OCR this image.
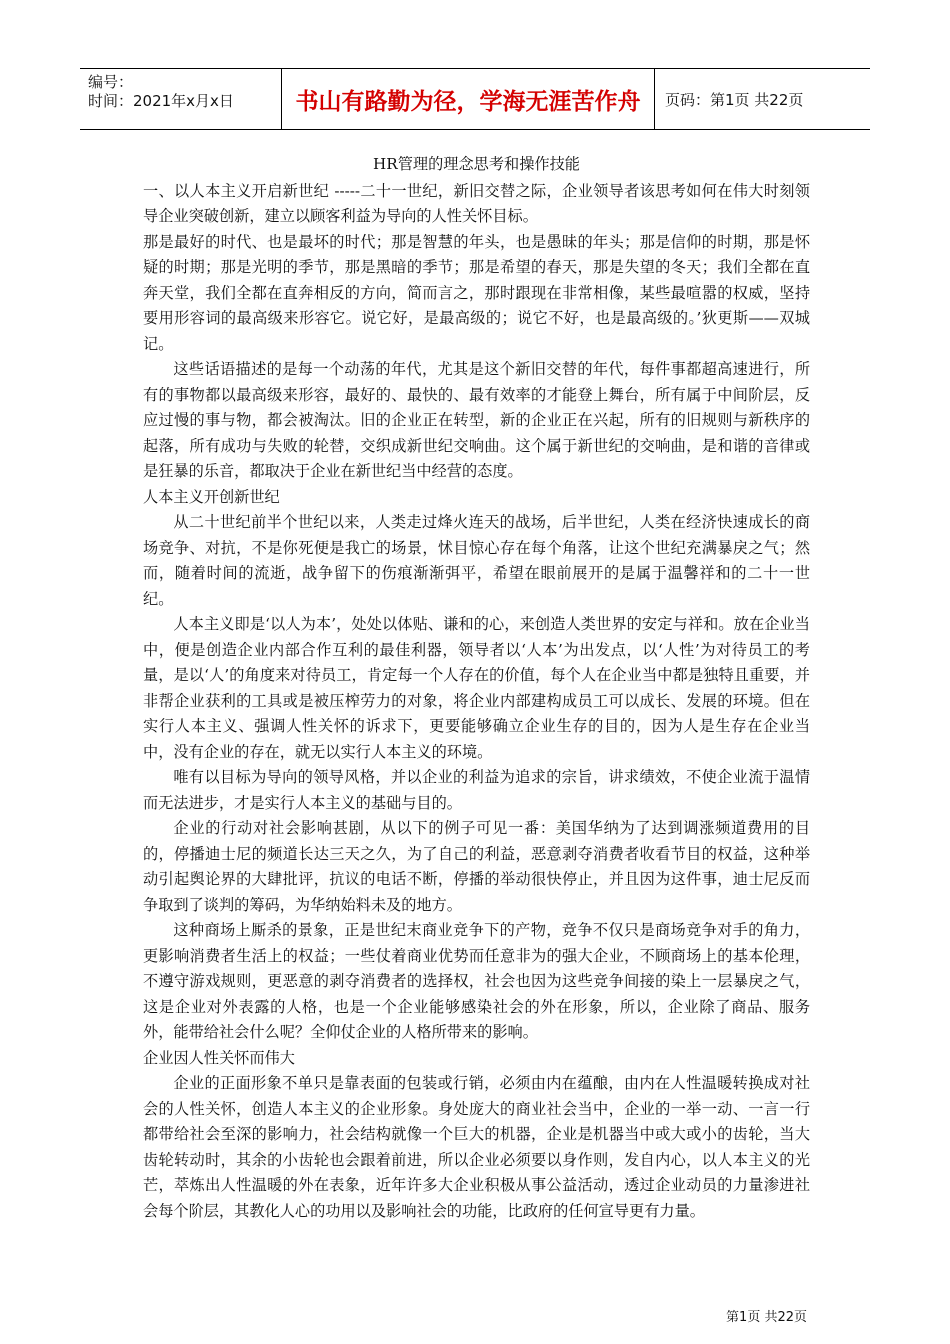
编号：
时间：2021年x月x日	书山有路勤为径，学海无涯苦作舟	页码：第1页 共22页
HR管理的理念思考和操作技能

一、以人本主义开启新世纪 -----二十一世纪，新旧交替之际，企业领导者该思考如何在伟大时刻领导企业突破创新，建立以顾客利益为导向的人性关怀目标。

那是最好的时代、也是最坏的时代；那是智慧的年头，也是愚昧的年头；那是信仰的时期，那是怀疑的时期；那是光明的季节，那是黑暗的季节；那是希望的春天，那是失望的冬天；我们全都在直奔天堂，我们全都在直奔相反的方向，简而言之，那时跟现在非常相像，某些最喧嚣的权威，坚持要用形容词的最高级来形容它。说它好，是最高级的；说它不好，也是最高级的。’狄更斯——双城记。

这些话语描述的是每一个动荡的年代，尤其是这个新旧交替的年代，每件事都超高速进行，所有的事物都以最高级来形容，最好的、最快的、最有效率的才能登上舞台，所有属于中间阶层，反应过慢的事与物，都会被淘汰。旧的企业正在转型，新的企业正在兴起，所有的旧规则与新秩序的起落，所有成功与失败的轮替，交织成新世纪交响曲。这个属于新世纪的交响曲，是和谐的音律或是狂暴的乐音，都取决于企业在新世纪当中经营的态度。

人本主义开创新世纪

从二十世纪前半个世纪以来，人类走过烽火连天的战场，后半世纪，人类在经济快速成长的商场竞争、对抗，不是你死便是我亡的场景，怵目惊心存在每个角落，让这个世纪充满暴戾之气；然而，随着时间的流逝，战争留下的伤痕渐渐弭平，希望在眼前展开的是属于温馨祥和的二十一世纪。

人本主义即是‘以人为本’，处处以体贴、谦和的心，来创造人类世界的安定与祥和。放在企业当中，便是创造企业内部合作互利的最佳利器，领导者以‘人本’为出发点，以‘人性’为对待员工的考量，是以‘人’的角度来对待员工，肯定每一个人存在的价值，每个人在企业当中都是独特且重要，并非帮企业获利的工具或是被压榨劳力的对象，将企业内部建构成员工可以成长、发展的环境。但在实行人本主义、强调人性关怀的诉求下，更要能够确立企业生存的目的，因为人是生存在企业当中，没有企业的存在，就无以实行人本主义的环境。

唯有以目标为导向的领导风格，并以企业的利益为追求的宗旨，讲求绩效，不使企业流于温情而无法进步，才是实行人本主义的基础与目的。

企业的行动对社会影响甚剧，从以下的例子可见一番：美国华纳为了达到调涨频道费用的目的，停播迪士尼的频道长达三天之久，为了自己的利益，恶意剥夺消费者收看节目的权益，这种举动引起舆论界的大肆批评，抗议的电话不断，停播的举动很快停止，并且因为这件事，迪士尼反而争取到了谈判的筹码，为华纳始料未及的地方。

这种商场上厮杀的景象，正是世纪末商业竞争下的产物，竞争不仅只是商场竞争对手的角力，更影响消费者生活上的权益；一些仗着商业优势而任意非为的强大企业，不顾商场上的基本伦理，不遵守游戏规则，更恶意的剥夺消费者的选择权，社会也因为这些竞争间接的染上一层暴戾之气，这是企业对外表露的人格，也是一个企业能够感染社会的外在形象，所以，企业除了商品、服务外，能带给社会什么呢？全仰仗企业的人格所带来的影响。

企业因人性关怀而伟大

企业的正面形象不单只是靠表面的包装或行销，必须由内在蕴酿，由内在人性温暖转换成对社会的人性关怀，创造人本主义的企业形象。身处庞大的商业社会当中，企业的一举一动、一言一行都带给社会至深的影响力，社会结构就像一个巨大的机器，企业是机器当中或大或小的齿轮，当大齿轮转动时，其余的小齿轮也会跟着前进，所以企业必须要以身作则，发自内心，以人本主义的光芒，萃炼出人性温暖的外在表象，近年许多大企业积极从事公益活动，透过企业动员的力量渗进社会每个阶层，其教化人心的功用以及影响社会的功能，比政府的任何宣导更有力量。

第1页 共22页
